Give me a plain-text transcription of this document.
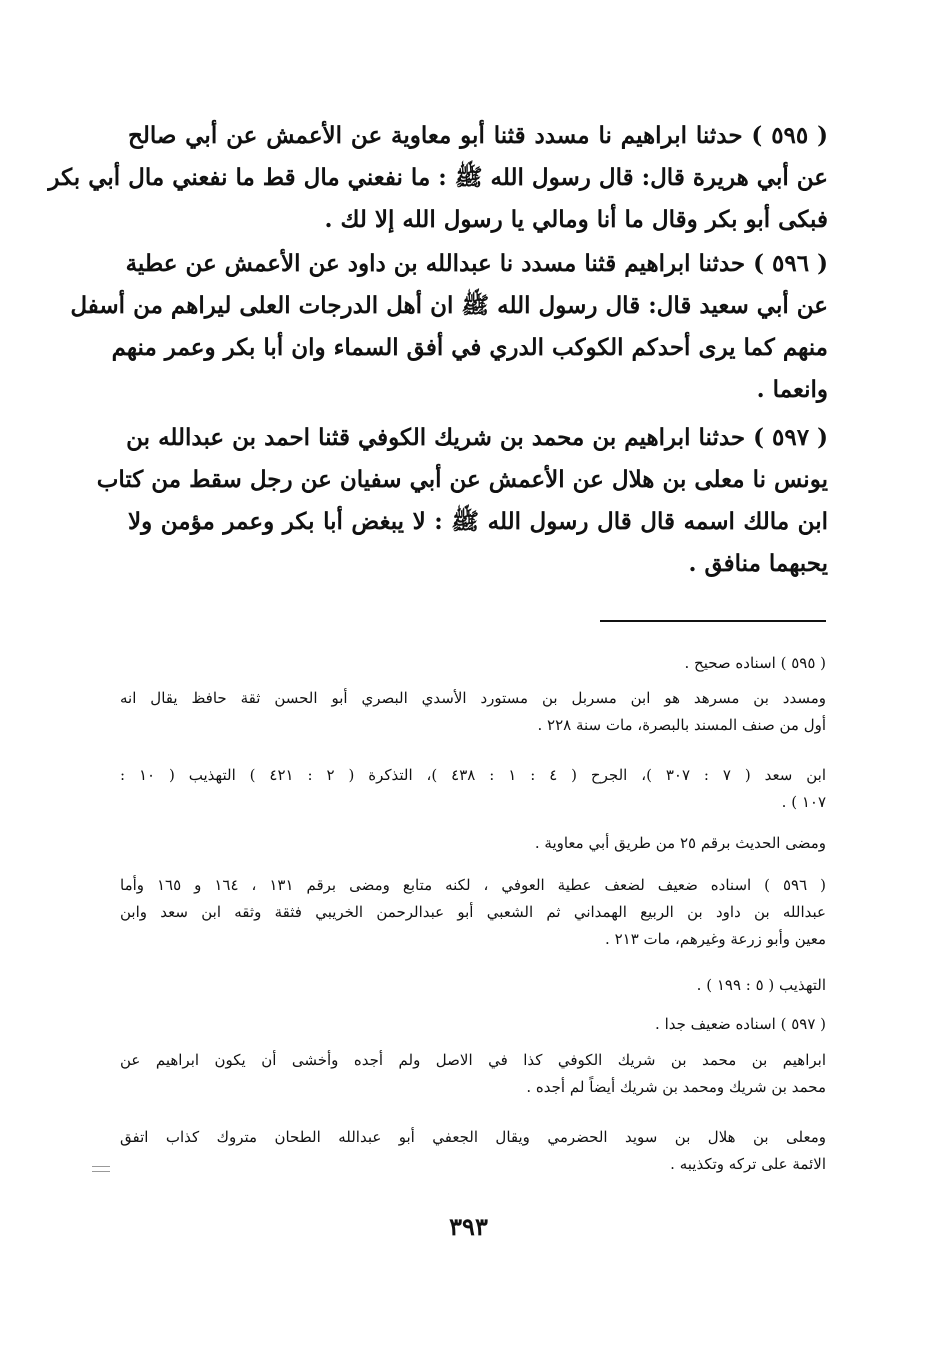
( ٥٩٥ ) حدثنا ابراهيم نا مسدد قثنا أبو معاوية عن الأعمش عن أبي صالح
عن أبي هريرة قال: قال رسول الله ﷺ : ما نفعني مال قط ما نفعني مال أبي بكر
فبكى أبو بكر وقال ما أنا ومالي يا رسول الله إلا لك .
( ٥٩٦ ) حدثنا ابراهيم قثنا مسدد نا عبدالله بن داود عن الأعمش عن عطية
عن أبي سعيد قال: قال رسول الله ﷺ ان أهل الدرجات العلى ليراهم من أسفل
منهم كما يرى أحدكم الكوكب الدري في أفق السماء وان أبا بكر وعمر منهم
وانعما .
( ٥٩٧ ) حدثنا ابراهيم بن محمد بن شريك الكوفي قثنا احمد بن عبدالله بن
يونس نا معلى بن هلال عن الأعمش عن أبي سفيان عن رجل سقط من كتاب
ابن مالك اسمه قال قال رسول الله ﷺ : لا يبغض أبا بكر وعمر مؤمن ولا
يحبهما منافق .
( ٥٩٥ ) اسناده صحيح .
ومسدد بن مسرهد هو ابن مسربل بن مستورد الأسدي البصري أبو الحسن ثقة حافظ يقال انه
أول من صنف المسند بالبصرة، مات سنة ٢٢٨ .
ابن سعد ( ٧ : ٣٠٧ )، الجرح ( ٤ : ١ : ٤٣٨ )، التذكرة ( ٢ : ٤٢١ ) التهذيب ( ١٠ :
١٠٧ ) .
ومضى الحديث برقم ٢٥ من طريق أبي معاوية .
( ٥٩٦ ) اسناده ضعيف لضعف عطية العوفي ، لكنه متابع ومضى برقم ١٣١ ، ١٦٤ و ١٦٥ وأما
عبدالله بن داود بن الربيع الهمداني ثم الشعبي أبو عبدالرحمن الخريبي فثقة وثقه ابن سعد وابن
معين وأبو زرعة وغيرهم، مات ٢١٣ .
التهذيب ( ٥ : ١٩٩ ) .
( ٥٩٧ ) اسناده ضعيف جدا .
ابراهيم بن محمد بن شريك الكوفي كذا في الاصل ولم أجده وأخشى أن يكون ابراهيم عن
محمد بن شريك ومحمد بن شريك أيضاً لم أجده .
ومعلى بن هلال بن سويد الحضرمي ويقال الجعفي أبو عبدالله الطحان متروك كذاب اتفق
الائمة على تركه وتكذيبه .
٣٩٣
